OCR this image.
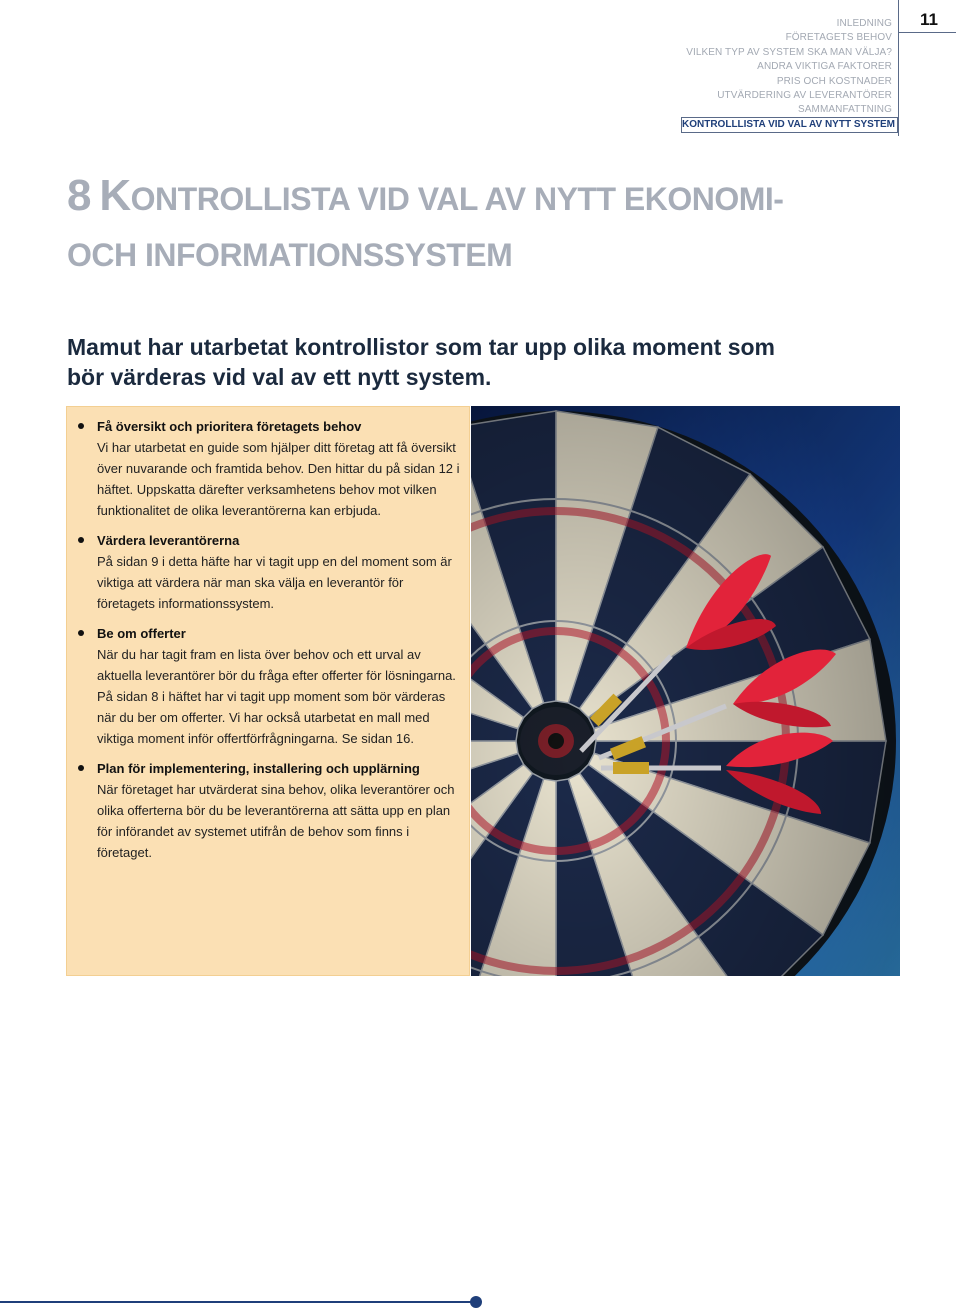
INLEDNING
FÖRETAGETS BEHOV
VILKEN TYP AV SYSTEM SKA MAN VÄLJA?
ANDRA VIKTIGA FAKTORER
PRIS OCH KOSTNADER
UTVÄRDERING AV LEVERANTÖRER
SAMMANFATTNING
KONTROLLLISTA VID VAL AV NYTT SYSTEM
11
8 KONTROLLISTA VID VAL AV NYTT EKONOMI-
OCH INFORMATIONSSYSTEM
Mamut har utarbetat kontrollistor som tar upp olika moment som bör värderas vid val av ett nytt system.
Få översikt och prioritera företagets behov
Vi har utarbetat en guide som hjälper ditt företag att få översikt över nuvarande och framtida behov. Den hittar du på sidan 12 i häftet. Uppskatta därefter verksamhetens behov mot vilken funktionalitet de olika leverantörerna kan erbjuda.
Värdera leverantörerna
På sidan 9 i detta häfte har vi tagit upp en del moment som är viktiga att värdera när man ska välja en leverantör för företagets informationssystem.
Be om offerter
När du har tagit fram en lista över behov och ett urval av aktuella leverantörer bör du fråga efter offerter för lösningarna. På sidan 8 i häftet har vi tagit upp moment som bör värderas när du ber om offerter. Vi har också utarbetat en mall med viktiga moment inför offertförfrågningarna. Se sidan 16.
Plan för implementering, installering och upplärning
När företaget har utvärderat sina behov, olika leverantörer och olika offerterna bör du be leverantörerna att sätta upp en plan för införandet av systemet utifrån de behov som finns i företaget.
